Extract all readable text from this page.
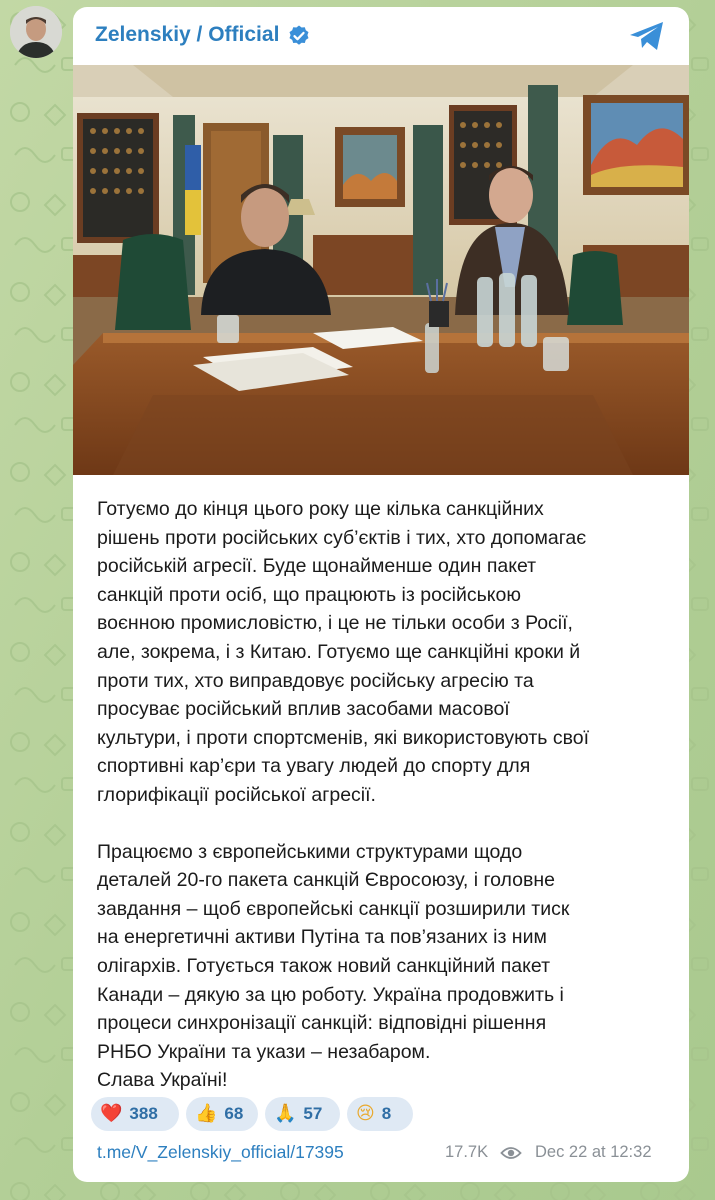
Zelenskiy / Official

Готуємо до кінця цього року ще кілька санкційних
рішень проти російських суб’єктів і тих, хто допомагає
російській агресії. Буде щонайменше один пакет
санкцій проти осіб, що працюють із російською
воєнною промисловістю, і це не тільки особи з Росії,
але, зокрема, і з Китаю. Готуємо ще санкційні кроки й
проти тих, хто виправдовує російську агресію та
просуває російський вплив засобами масової
культури, і проти спортсменів, які використовують свої
спортивні кар’єри та увагу людей до спорту для
глорифікації російської агресії.

Працюємо з європейськими структурами щодо
деталей 20-го пакета санкцій Євросоюзу, і головне
завдання – щоб європейські санкції розширили тиск
на енергетичні активи Путіна та пов’язаних із ним
олігархів. Готується також новий санкційний пакет
Канади – дякую за цю роботу. Україна продовжить і
процеси синхронізації санкцій: відповідні рішення
РНБО України та укази – незабаром.
Слава Україні!

❤️ 388 👍 68 🙏 57 😢 8
t.me/V_Zelenskiy_official/17395	17.7K	Dec 22 at 12:32
